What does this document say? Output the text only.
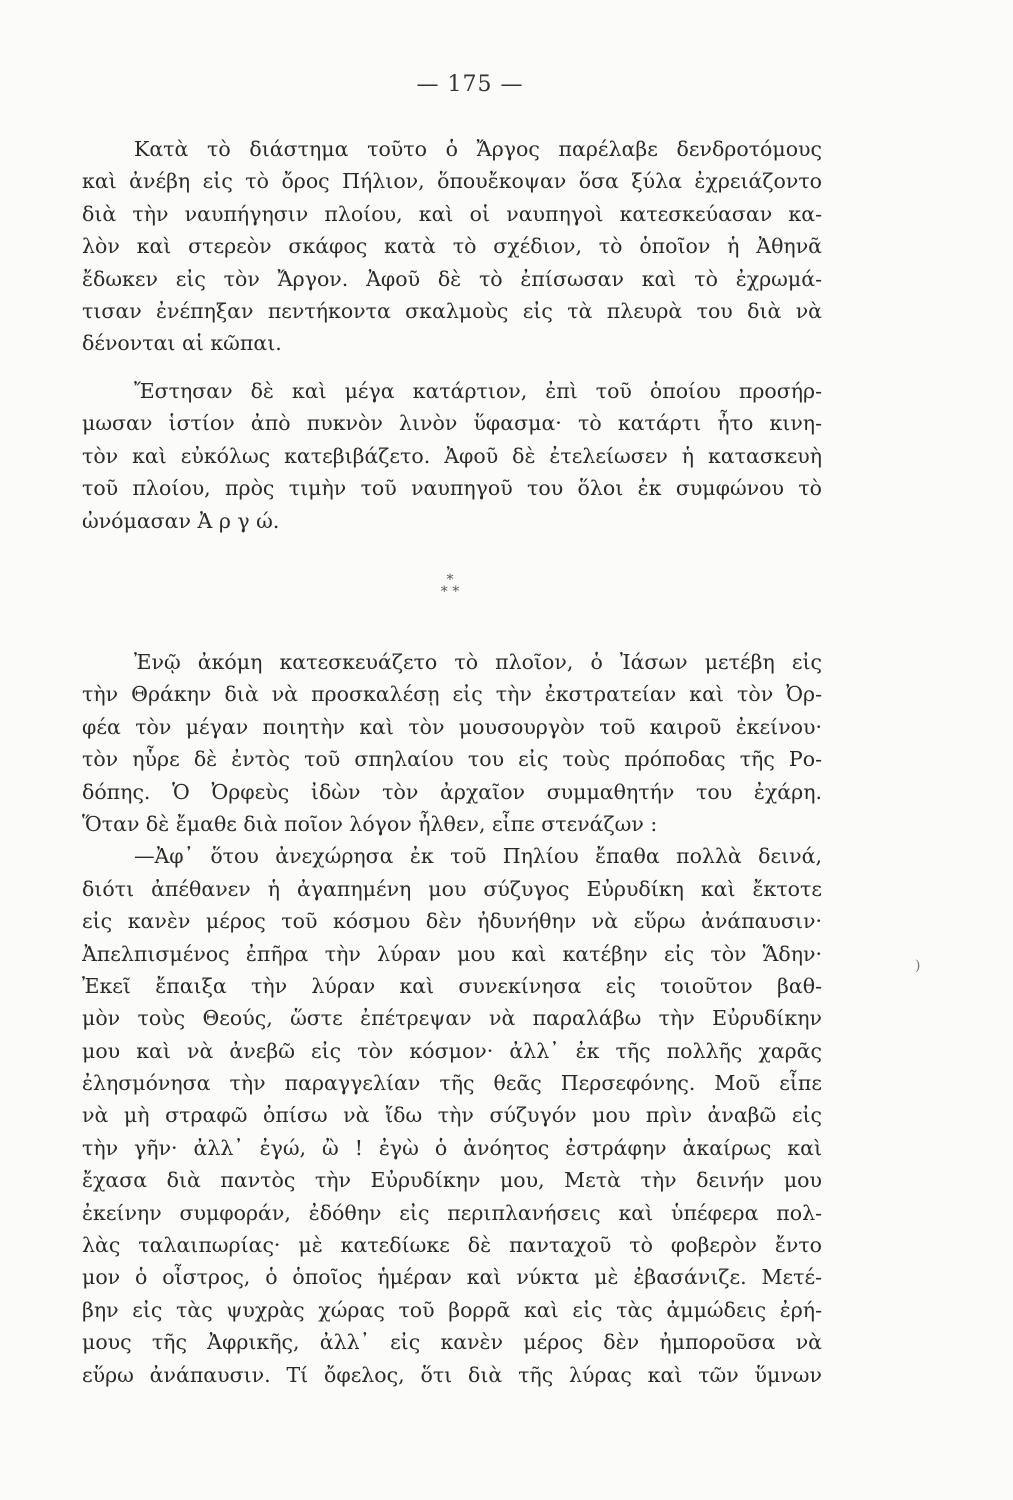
— 175 —
Κατὰ τὸ διάστημα τοῦτο ὁ Ἄργος παρέλαβε δενδροτόμους
καὶ ἀνέβη εἰς τὸ ὄρος Πήλιον, ὅπουἔκοψαν ὅσα ξύλα ἐχρειάζοντο
διὰ τὴν ναυπήγησιν πλοίου, καὶ οἱ ναυπηγοὶ κατεσκεύασαν κα-
λὸν καὶ στερεὸν σκάφος κατὰ τὸ σχέδιον, τὸ ὁποῖον ἡ Ἀθηνᾶ
ἔδωκεν εἰς τὸν Ἄργον. Ἀφοῦ δὲ τὸ ἐπίσωσαν καὶ τὸ ἐχρωμά-
τισαν ἐνέπηξαν πεντήκοντα σκαλμοὺς εἰς τὰ πλευρὰ του διὰ νὰ
δένονται αἱ κῶπαι.
Ἔστησαν δὲ καὶ μέγα κατάρτιον, ἐπὶ τοῦ ὁποίου προσήρ-
μωσαν ἱστίον ἀπὸ πυκνὸν λινὸν ὕφασμα· τὸ κατάρτι ἦτο κινη-
τὸν καὶ εὐκόλως κατεβιβάζετο. Ἀφοῦ δὲ ἐτελείωσεν ἡ κατασκευὴ
τοῦ πλοίου, πρὸς τιμὴν τοῦ ναυπηγοῦ του ὅλοι ἐκ συμφώνου τὸ
ὠνόμασαν Ἀ ρ γ ώ.
*
* *
Ἐνῷ ἀκόμη κατεσκευάζετο τὸ πλοῖον, ὁ Ἰάσων μετέβη εἰς
τὴν Θράκην διὰ νὰ προσκαλέσῃ εἰς τὴν ἐκστρατείαν καὶ τὸν Ὀρ-
φέα τὸν μέγαν ποιητὴν καὶ τὸν μουσουργὸν τοῦ καιροῦ ἐκείνου·
τὸν ηὗρε δὲ ἐντὸς τοῦ σπηλαίου του εἰς τοὺς πρόποδας τῆς Ρο-
δόπης. Ὁ Ὀρφεὺς ἰδὼν τὸν ἀρχαῖον συμμαθητήν του ἐχάρη.
Ὅταν δὲ ἔμαθε διὰ ποῖον λόγον ἦλθεν, εἶπε στενάζων :
—Ἀφ᾽ ὅτου ἀνεχώρησα ἐκ τοῦ Πηλίου ἔπαθα πολλὰ δεινά,
διότι ἀπέθανεν ἡ ἀγαπημένη μου σύζυγος Εὐρυδίκη καὶ ἔκτοτε
εἰς κανὲν μέρος τοῦ κόσμου δὲν ἠδυνήθην νὰ εὕρω ἀνάπαυσιν·
Ἀπελπισμένος ἐπῆρα τὴν λύραν μου καὶ κατέβην εἰς τὸν Ἅδην·
Ἐκεῖ ἔπαιξα τὴν λύραν καὶ συνεκίνησα εἰς τοιοῦτον βαθ-
μὸν τοὺς Θεούς, ὥστε ἐπέτρεψαν νὰ παραλάβω τὴν Εὐρυδίκην
μου καὶ νὰ ἀνεβῶ εἰς τὸν κόσμον· ἀλλ᾽ ἐκ τῆς πολλῆς χαρᾶς
ἐλησμόνησα τὴν παραγγελίαν τῆς θεᾶς Περσεφόνης. Μοῦ εἶπε
νὰ μὴ στραφῶ ὀπίσω νὰ ἴδω τὴν σύζυγόν μου πρὶν ἀναβῶ εἰς
τὴν γῆν· ἀλλ᾽ ἐγώ, ὢ ! ἐγὼ ὁ ἀνόητος ἐστράφην ἀκαίρως καὶ
ἔχασα διὰ παντὸς τὴν Εὐρυδίκην μου, Μετὰ τὴν δεινήν μου
ἐκείνην συμφοράν, ἐδόθην εἰς περιπλανήσεις καὶ ὑπέφερα πολ-
λὰς ταλαιπωρίας· μὲ κατεδίωκε δὲ πανταχοῦ τὸ φοβερὸν ἔντο
μον ὁ οἶστρος, ὁ ὁποῖος ἡμέραν καὶ νύκτα μὲ ἐβασάνιζε. Μετέ-
βην εἰς τὰς ψυχρὰς χώρας τοῦ βορρᾶ καὶ εἰς τὰς ἀμμώδεις ἐρή-
μους τῆς Ἀφρικῆς, ἀλλ᾽ εἰς κανὲν μέρος δὲν ἠμποροῦσα νὰ
εὕρω ἀνάπαυσιν. Τί ὄφελος, ὅτι διὰ τῆς λύρας καὶ τῶν ὕμνων
)
